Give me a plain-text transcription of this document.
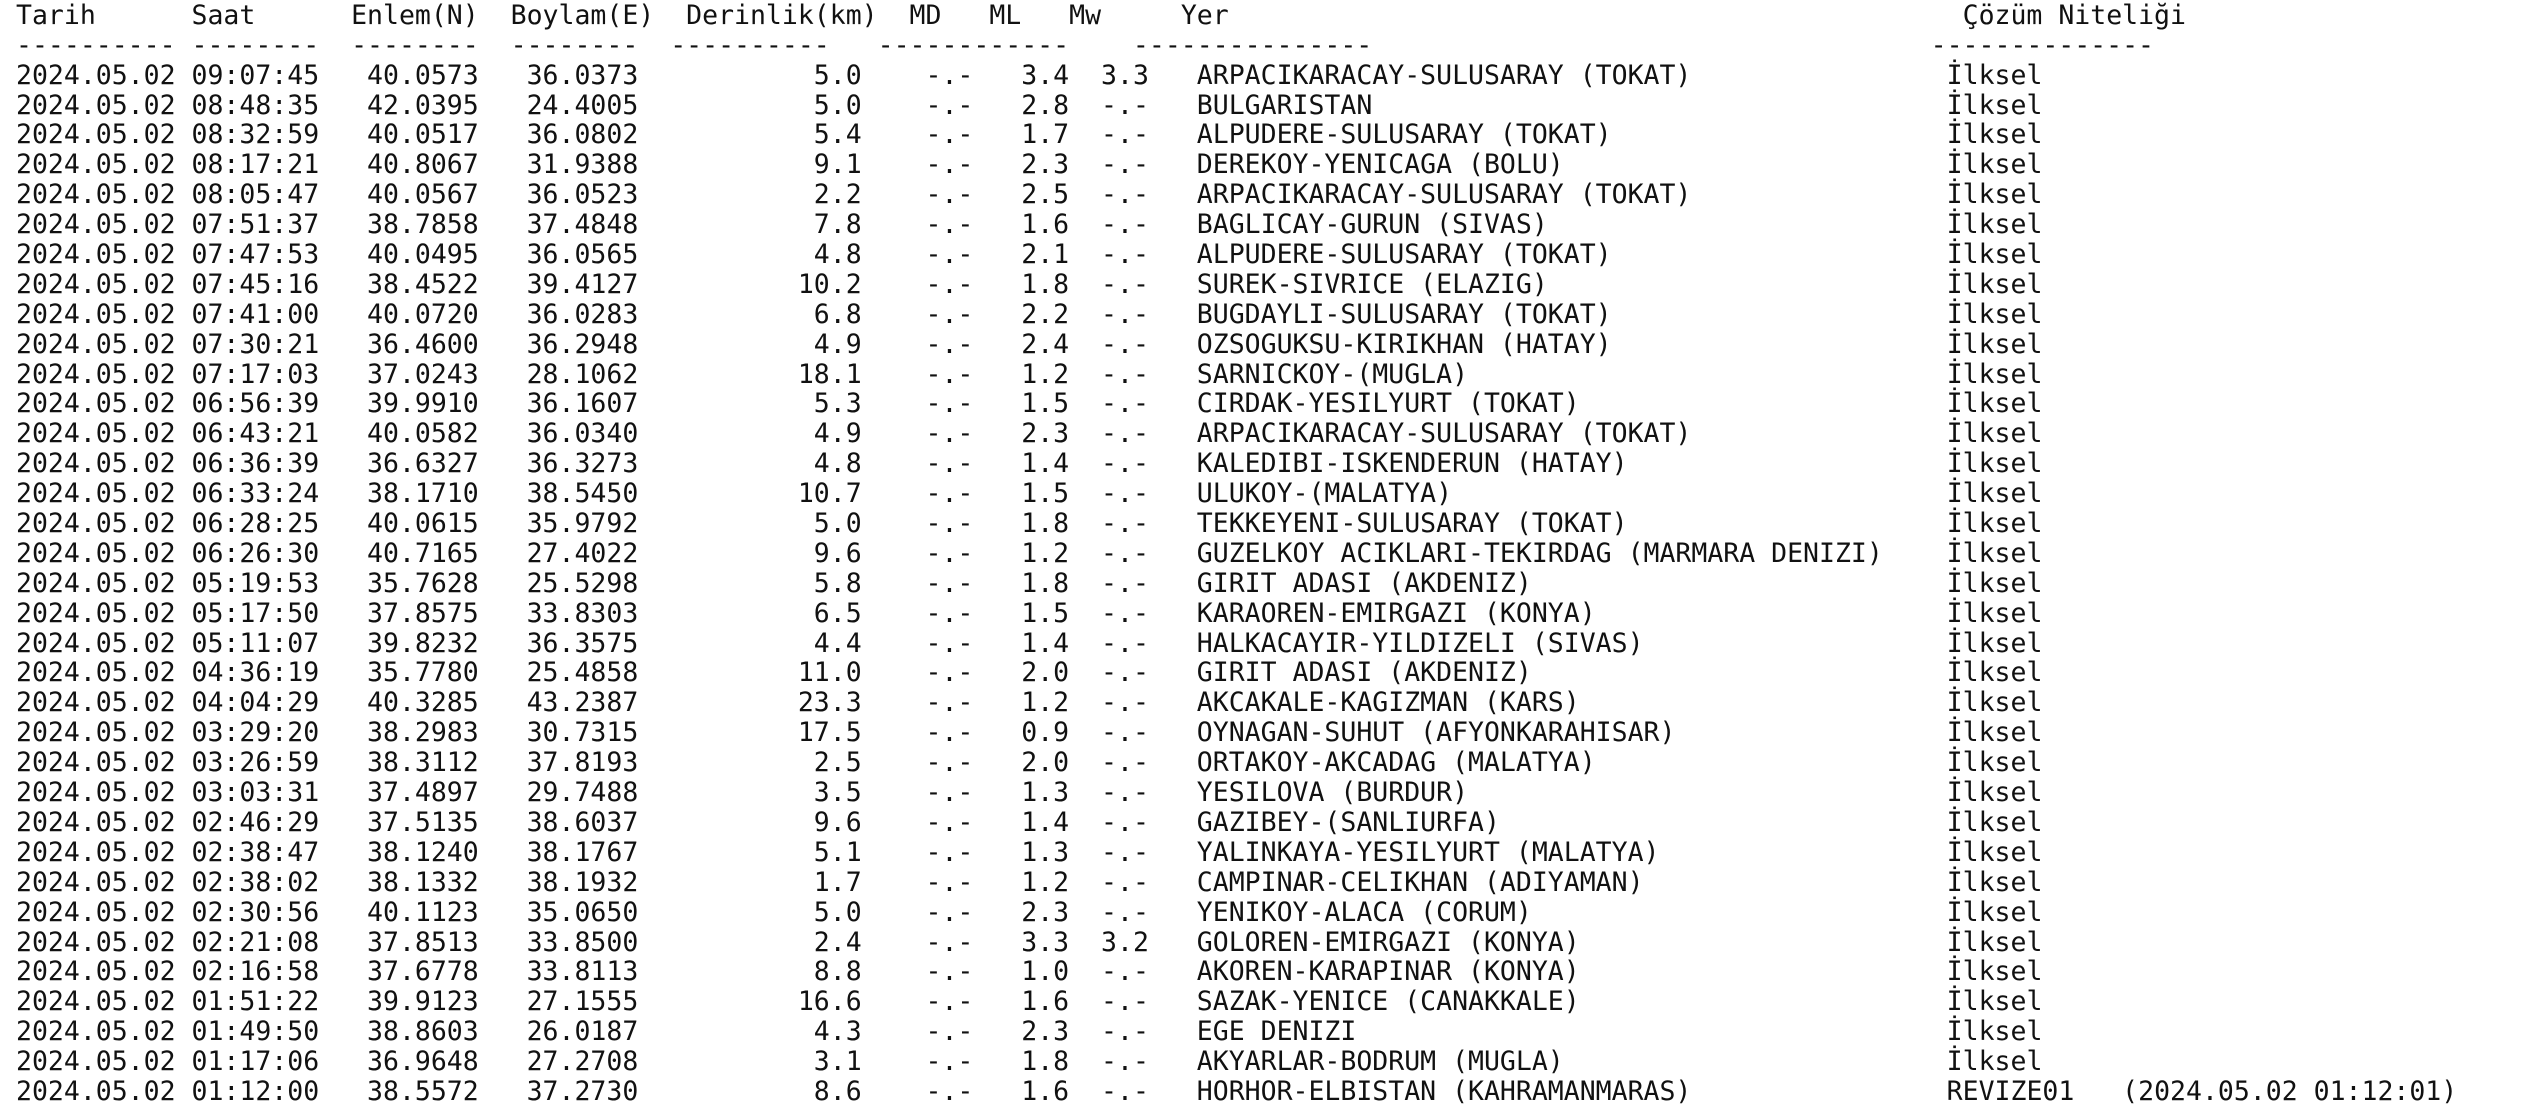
Tarih	Saat	Enlem(N) Boylam(E) Derinlik(km) MD ML Mw	Yer	Çözüm Niteliği
---------- -------- -------- -------- ---------- ------------ ---------------	--------------
2024.05.02 09:07:45 40.0573 36.0373	5.0 -.- 3.4 3.3 ARPACIKARACAY-SULUSARAY (TOKAT)	İlksel
2024.05.02 08:48:35 42.0395 24.4005	5.0 -.- 2.8 -.- BULGARISTAN	İlksel
2024.05.02 08:32:59 40.0517 36.0802	5.4 -.- 1.7 -.- ALPUDERE-SULUSARAY (TOKAT)	İlksel
2024.05.02 08:17:21 40.8067 31.9388	9.1 -.- 2.3 -.- DEREKOY-YENICAGA (BOLU)	İlksel
2024.05.02 08:05:47 40.0567 36.0523	2.2 -.- 2.5 -.- ARPACIKARACAY-SULUSARAY (TOKAT)	İlksel
2024.05.02 07:51:37 38.7858 37.4848	7.8 -.- 1.6 -.- BAGLICAY-GURUN (SIVAS)	İlksel
2024.05.02 07:47:53 40.0495 36.0565	4.8 -.- 2.1 -.- ALPUDERE-SULUSARAY (TOKAT)	İlksel
2024.05.02 07:45:16 38.4522 39.4127	10.2 -.- 1.8 -.- SUREK-SIVRICE (ELAZIG)	İlksel
2024.05.02 07:41:00 40.0720 36.0283	6.8 -.- 2.2 -.- BUGDAYLI-SULUSARAY (TOKAT)	İlksel
2024.05.02 07:30:21 36.4600 36.2948	4.9 -.- 2.4 -.- OZSOGUKSU-KIRIKHAN (HATAY)	İlksel
2024.05.02 07:17:03 37.0243 28.1062	18.1 -.- 1.2 -.- SARNICKOY-(MUGLA)	İlksel
2024.05.02 06:56:39 39.9910 36.1607	5.3 -.- 1.5 -.- CIRDAK-YESILYURT (TOKAT)	İlksel
2024.05.02 06:43:21 40.0582 36.0340	4.9 -.- 2.3 -.- ARPACIKARACAY-SULUSARAY (TOKAT)	İlksel
2024.05.02 06:36:39 36.6327 36.3273	4.8 -.- 1.4 -.- KALEDIBI-ISKENDERUN (HATAY)	İlksel
2024.05.02 06:33:24 38.1710 38.5450	10.7 -.- 1.5 -.- ULUKOY-(MALATYA)	İlksel
2024.05.02 06:28:25 40.0615 35.9792	5.0 -.- 1.8 -.- TEKKEYENI-SULUSARAY (TOKAT)	İlksel
2024.05.02 06:26:30 40.7165 27.4022	9.6 -.- 1.2 -.- GUZELKOY ACIKLARI-TEKIRDAG (MARMARA DENIZI) İlksel
2024.05.02 05:19:53 35.7628 25.5298	5.8 -.- 1.8 -.- GIRIT ADASI (AKDENIZ)	İlksel
2024.05.02 05:17:50 37.8575 33.8303	6.5 -.- 1.5 -.- KARAOREN-EMIRGAZI (KONYA)	İlksel
2024.05.02 05:11:07 39.8232 36.3575	4.4 -.- 1.4 -.- HALKACAYIR-YILDIZELI (SIVAS)	İlksel
2024.05.02 04:36:19 35.7780 25.4858	11.0 -.- 2.0 -.- GIRIT ADASI (AKDENIZ)	İlksel
2024.05.02 04:04:29 40.3285 43.2387	23.3 -.- 1.2 -.- AKCAKALE-KAGIZMAN (KARS)	İlksel
2024.05.02 03:29:20 38.2983 30.7315	17.5 -.- 0.9 -.- OYNAGAN-SUHUT (AFYONKARAHISAR)	İlksel
2024.05.02 03:26:59 38.3112 37.8193	2.5 -.- 2.0 -.- ORTAKOY-AKCADAG (MALATYA)	İlksel
2024.05.02 03:03:31 37.4897 29.7488	3.5 -.- 1.3 -.- YESILOVA (BURDUR)	İlksel
2024.05.02 02:46:29 37.5135 38.6037	9.6 -.- 1.4 -.- GAZIBEY-(SANLIURFA)	İlksel
2024.05.02 02:38:47 38.1240 38.1767	5.1 -.- 1.3 -.- YALINKAYA-YESILYURT (MALATYA)	İlksel
2024.05.02 02:38:02 38.1332 38.1932	1.7 -.- 1.2 -.- CAMPINAR-CELIKHAN (ADIYAMAN)	İlksel
2024.05.02 02:30:56 40.1123 35.0650	5.0 -.- 2.3 -.- YENIKOY-ALACA (CORUM)	İlksel
2024.05.02 02:21:08 37.8513 33.8500	2.4 -.- 3.3 3.2 GOLOREN-EMIRGAZI (KONYA)	İlksel
2024.05.02 02:16:58 37.6778 33.8113	8.8 -.- 1.0 -.- AKOREN-KARAPINAR (KONYA)	İlksel
2024.05.02 01:51:22 39.9123 27.1555	16.6 -.- 1.6 -.- SAZAK-YENICE (CANAKKALE)	İlksel
2024.05.02 01:49:50 38.8603 26.0187	4.3 -.- 2.3 -.- EGE DENIZI	İlksel
2024.05.02 01:17:06 36.9648 27.2708	3.1 -.- 1.8 -.- AKYARLAR-BODRUM (MUGLA)	İlksel
2024.05.02 01:12:00 38.5572 37.2730	8.6 -.- 1.6 -.- HORHOR-ELBISTAN (KAHRAMANMARAS)	REVIZE01   (2024.05.02 01:12:01)
